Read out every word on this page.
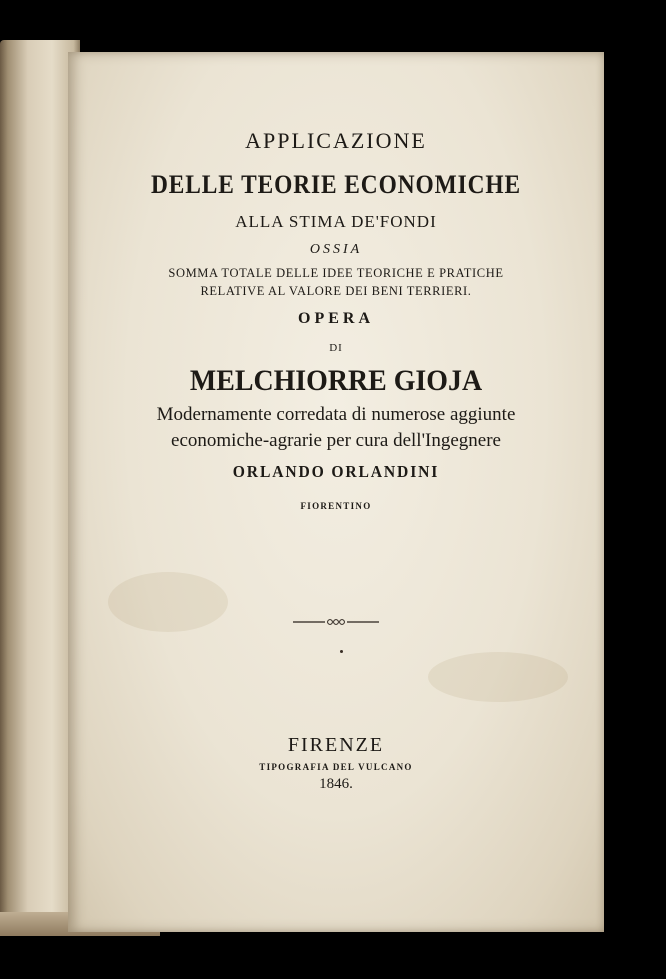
APPLICAZIONE
DELLE TEORIE ECONOMICHE
ALLA STIMA DE'FONDI
OSSIA
SOMMA TOTALE DELLE IDEE TEORICHE E PRATICHE
RELATIVE AL VALORE DEI BENI TERRIERI.
OPERA
DI
MELCHIORRE GIOJA
Modernamente corredata di numerose aggiunte
economiche-agrarie per cura dell'Ingegnere
ORLANDO ORLANDINI
FIORENTINO
FIRENZE
TIPOGRAFIA DEL VULCANO
1846.
